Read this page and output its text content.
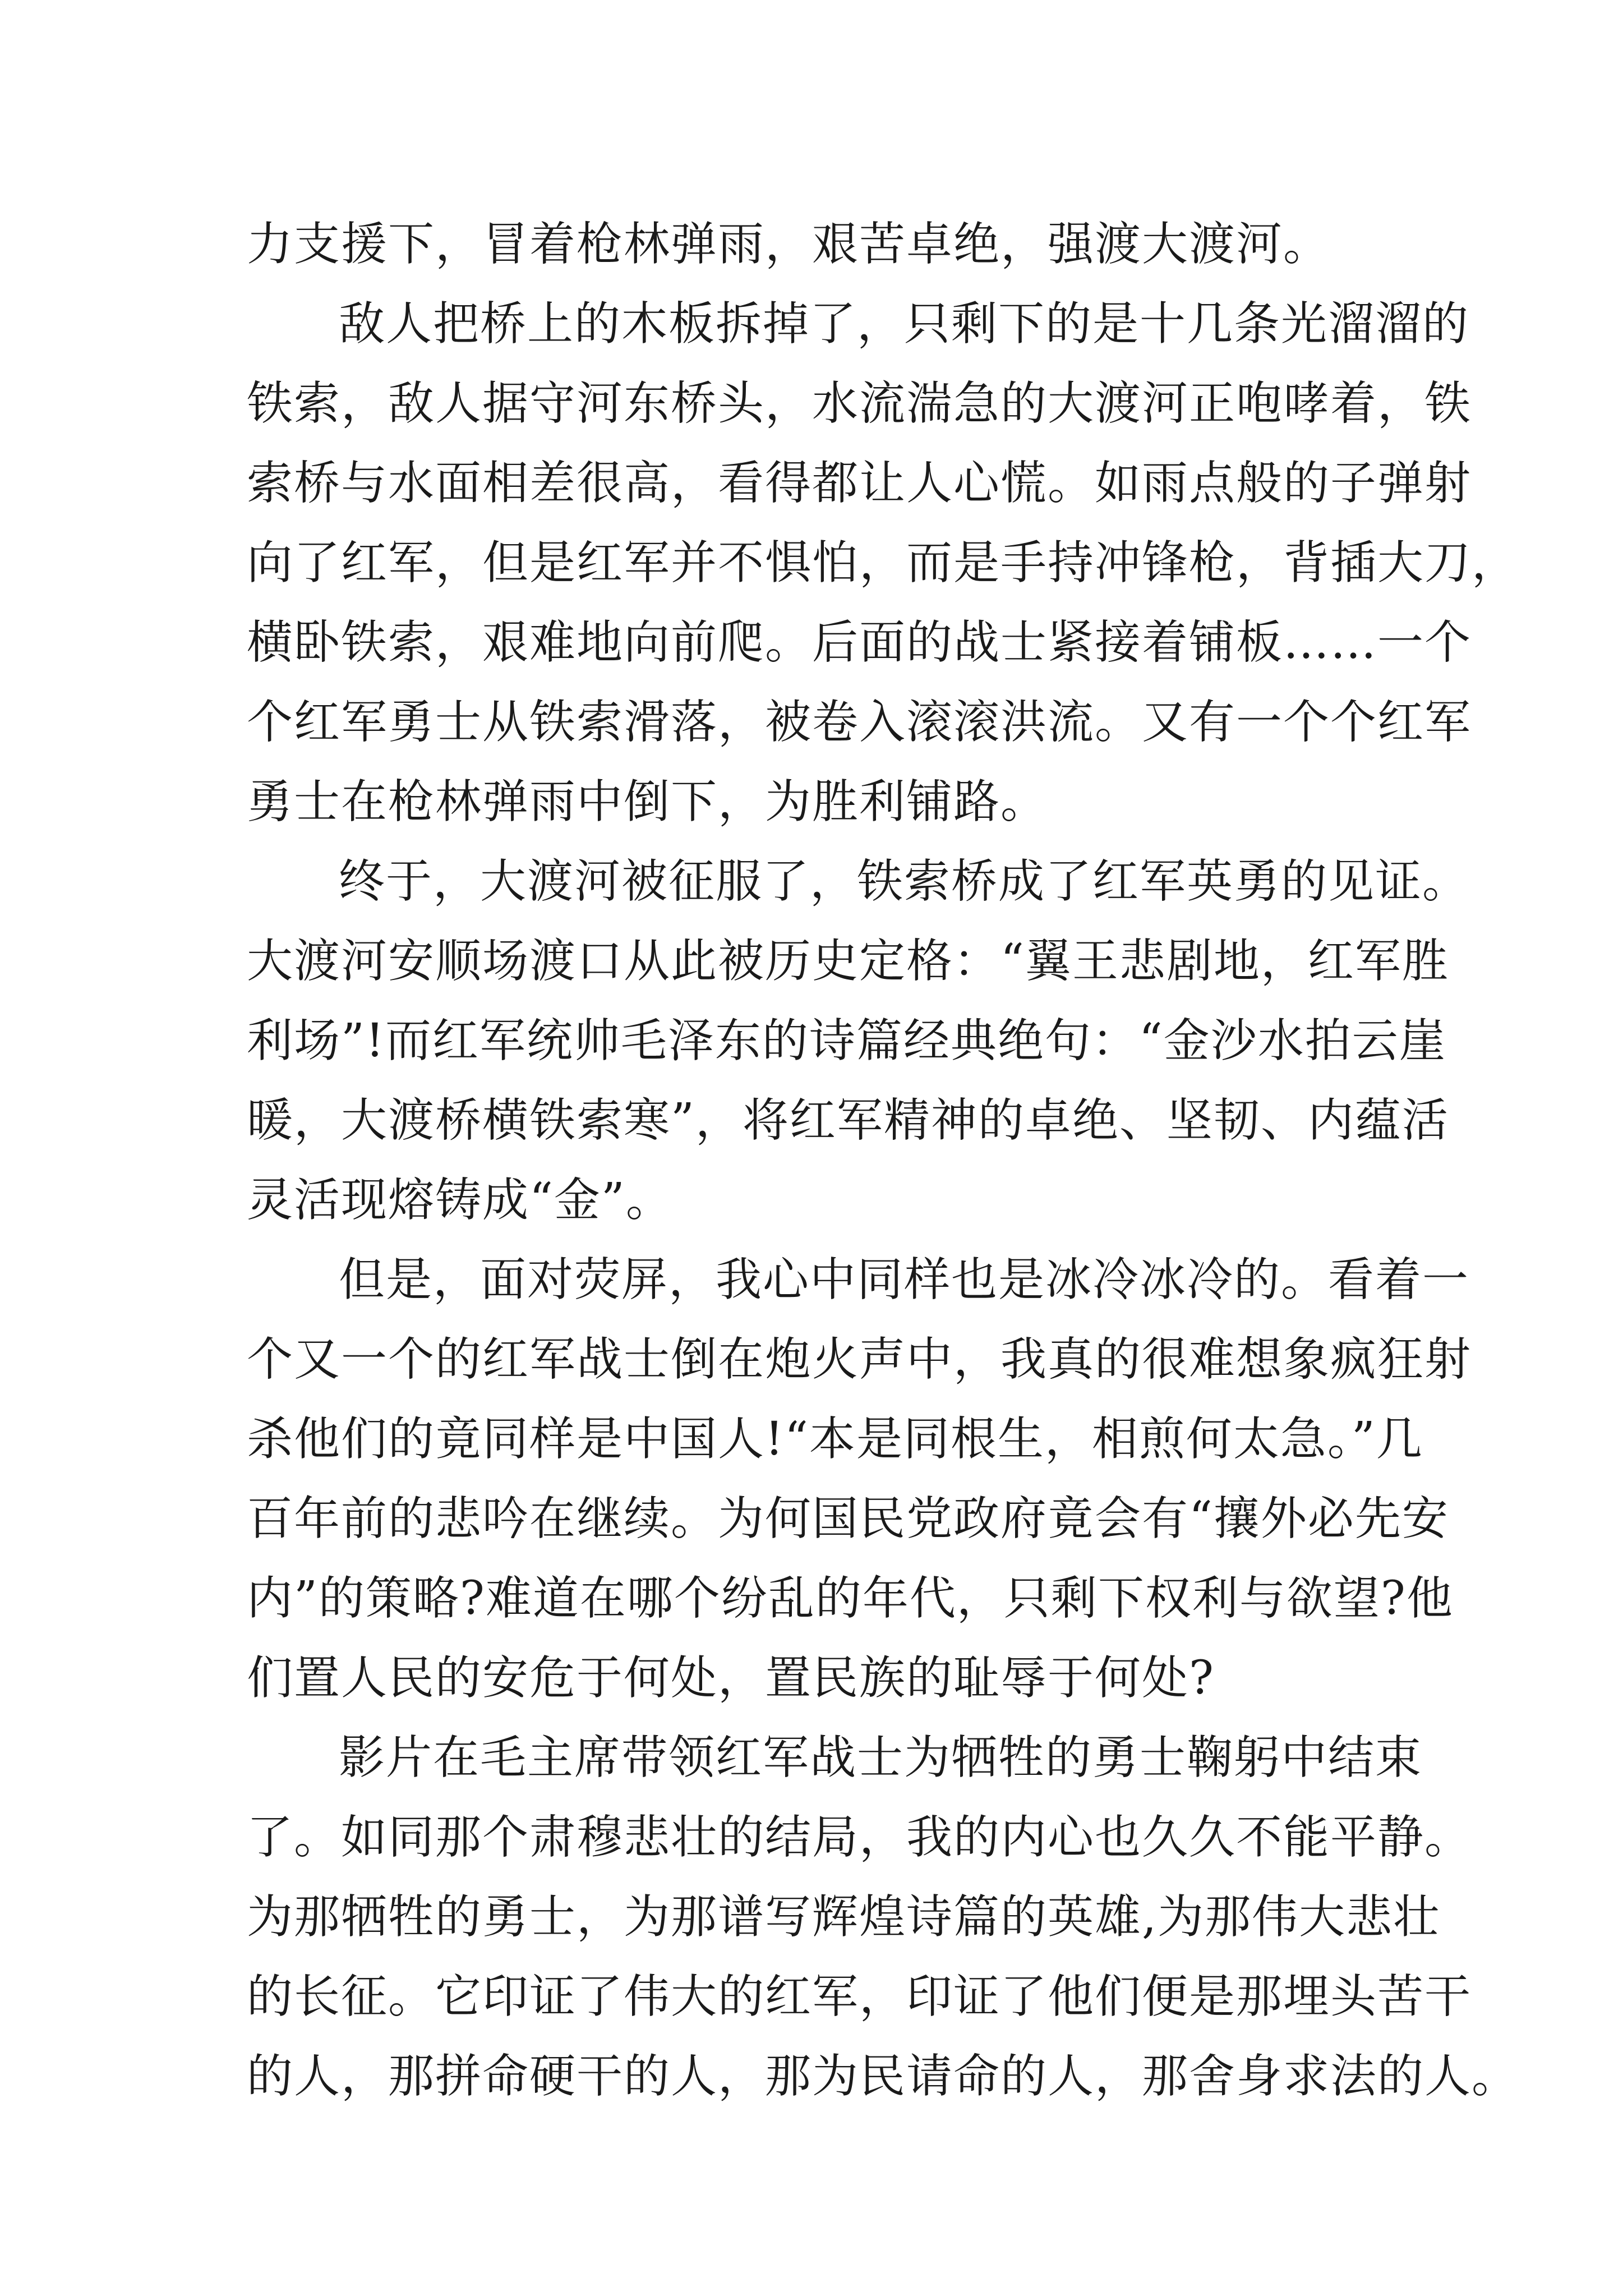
力支援下，冒着枪林弹雨，艰苦卓绝，强渡大渡河。
敌人把桥上的木板拆掉了，只剩下的是十几条光溜溜的
铁索，敌人据守河东桥头，水流湍急的大渡河正咆哮着，铁
索桥与水面相差很高，看得都让人心慌。如雨点般的子弹射
向了红军，但是红军并不惧怕，而是手持冲锋枪，背插大刀，
横卧铁索，艰难地向前爬。后面的战士紧接着铺板……一个
个红军勇士从铁索滑落，被卷入滚滚洪流。又有一个个红军
勇士在枪林弹雨中倒下，为胜利铺路。
终于，大渡河被征服了，铁索桥成了红军英勇的见证。
大渡河安顺场渡口从此被历史定格：“翼王悲剧地，红军胜
利场”!而红军统帅毛泽东的诗篇经典绝句：“金沙水拍云崖
暖，大渡桥横铁索寒”，将红军精神的卓绝、坚韧、内蕴活
灵活现熔铸成“金”。
但是，面对荧屏，我心中同样也是冰冷冰冷的。看着一
个又一个的红军战士倒在炮火声中，我真的很难想象疯狂射
杀他们的竟同样是中国人!“本是同根生，相煎何太急。”几
百年前的悲吟在继续。为何国民党政府竟会有“攘外必先安
内”的策略?难道在哪个纷乱的年代，只剩下权利与欲望?他
们置人民的安危于何处，置民族的耻辱于何处?
影片在毛主席带领红军战士为牺牲的勇士鞠躬中结束
了。如同那个肃穆悲壮的结局，我的内心也久久不能平静。
为那牺牲的勇士，为那谱写辉煌诗篇的英雄,为那伟大悲壮
的长征。它印证了伟大的红军，印证了他们便是那埋头苦干
的人，那拼命硬干的人，那为民请命的人，那舍身求法的人。
